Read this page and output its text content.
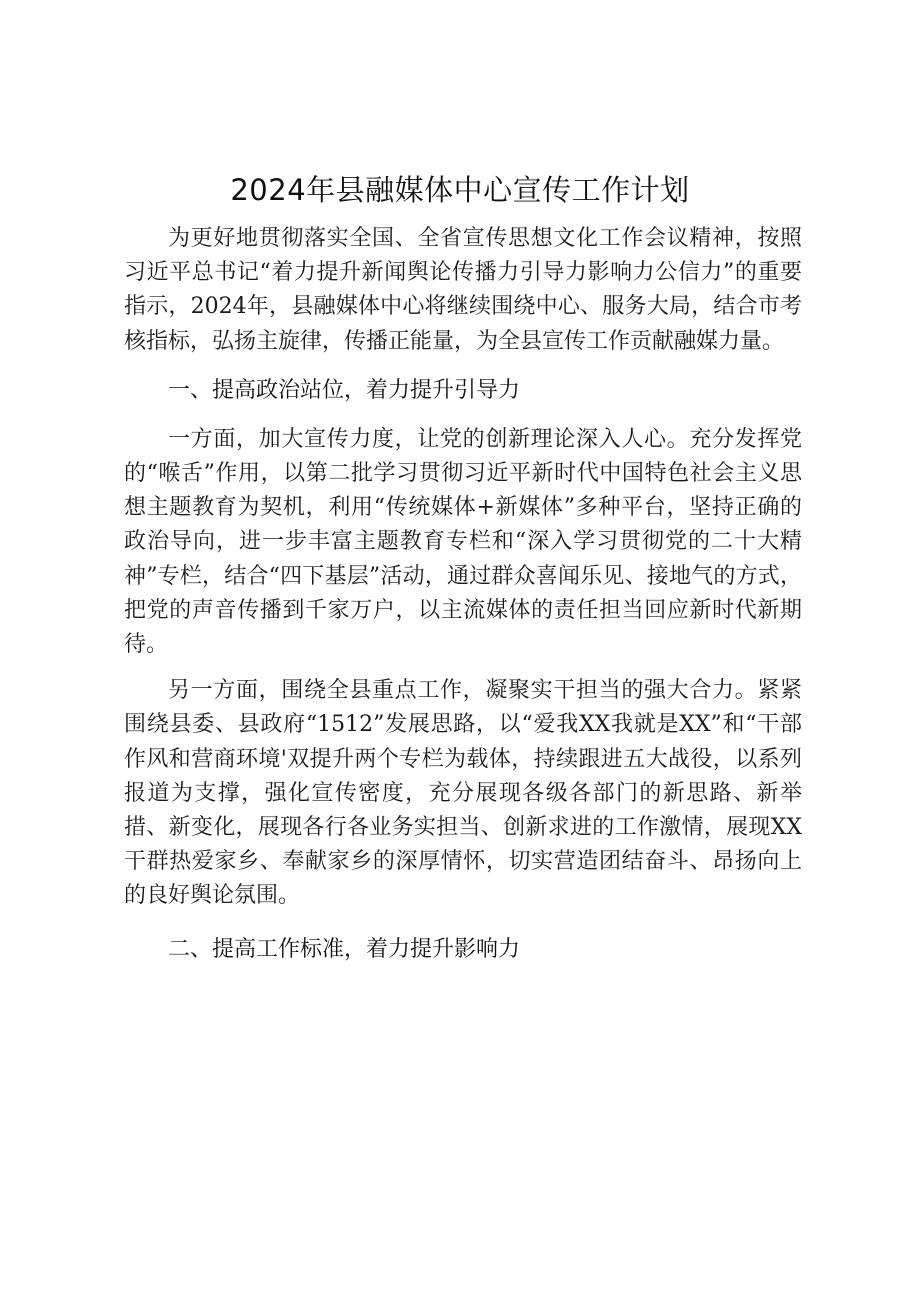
2024年县融媒体中心宣传工作计划

为更好地贯彻落实全国、全省宣传思想文化工作会议精神，按照习近平总书记“着力提升新闻舆论传播力引导力影响力公信力”的重要指示，2024年，县融媒体中心将继续围绕中心、服务大局，结合市考核指标，弘扬主旋律，传播正能量，为全县宣传工作贡献融媒力量。

一、提高政治站位，着力提升引导力

一方面，加大宣传力度，让党的创新理论深入人心。充分发挥党的“喉舌”作用，以第二批学习贯彻习近平新时代中国特色社会主义思想主题教育为契机，利用“传统媒体+新媒体”多种平台，坚持正确的政治导向，进一步丰富主题教育专栏和“深入学习贯彻党的二十大精神”专栏，结合“四下基层”活动，通过群众喜闻乐见、接地气的方式，把党的声音传播到千家万户，以主流媒体的责任担当回应新时代新期待。

另一方面，围绕全县重点工作，凝聚实干担当的强大合力。紧紧围绕县委、县政府“1512”发展思路，以“爱我XX我就是XX”和“干部作风和营商环境'双提升两个专栏为载体，持续跟进五大战役，以系列报道为支撑，强化宣传密度，充分展现各级各部门的新思路、新举措、新变化，展现各行各业务实担当、创新求进的工作激情，展现XX干群热爱家乡、奉献家乡的深厚情怀，切实营造团结奋斗、昂扬向上的良好舆论氛围。

二、提高工作标准，着力提升影响力
